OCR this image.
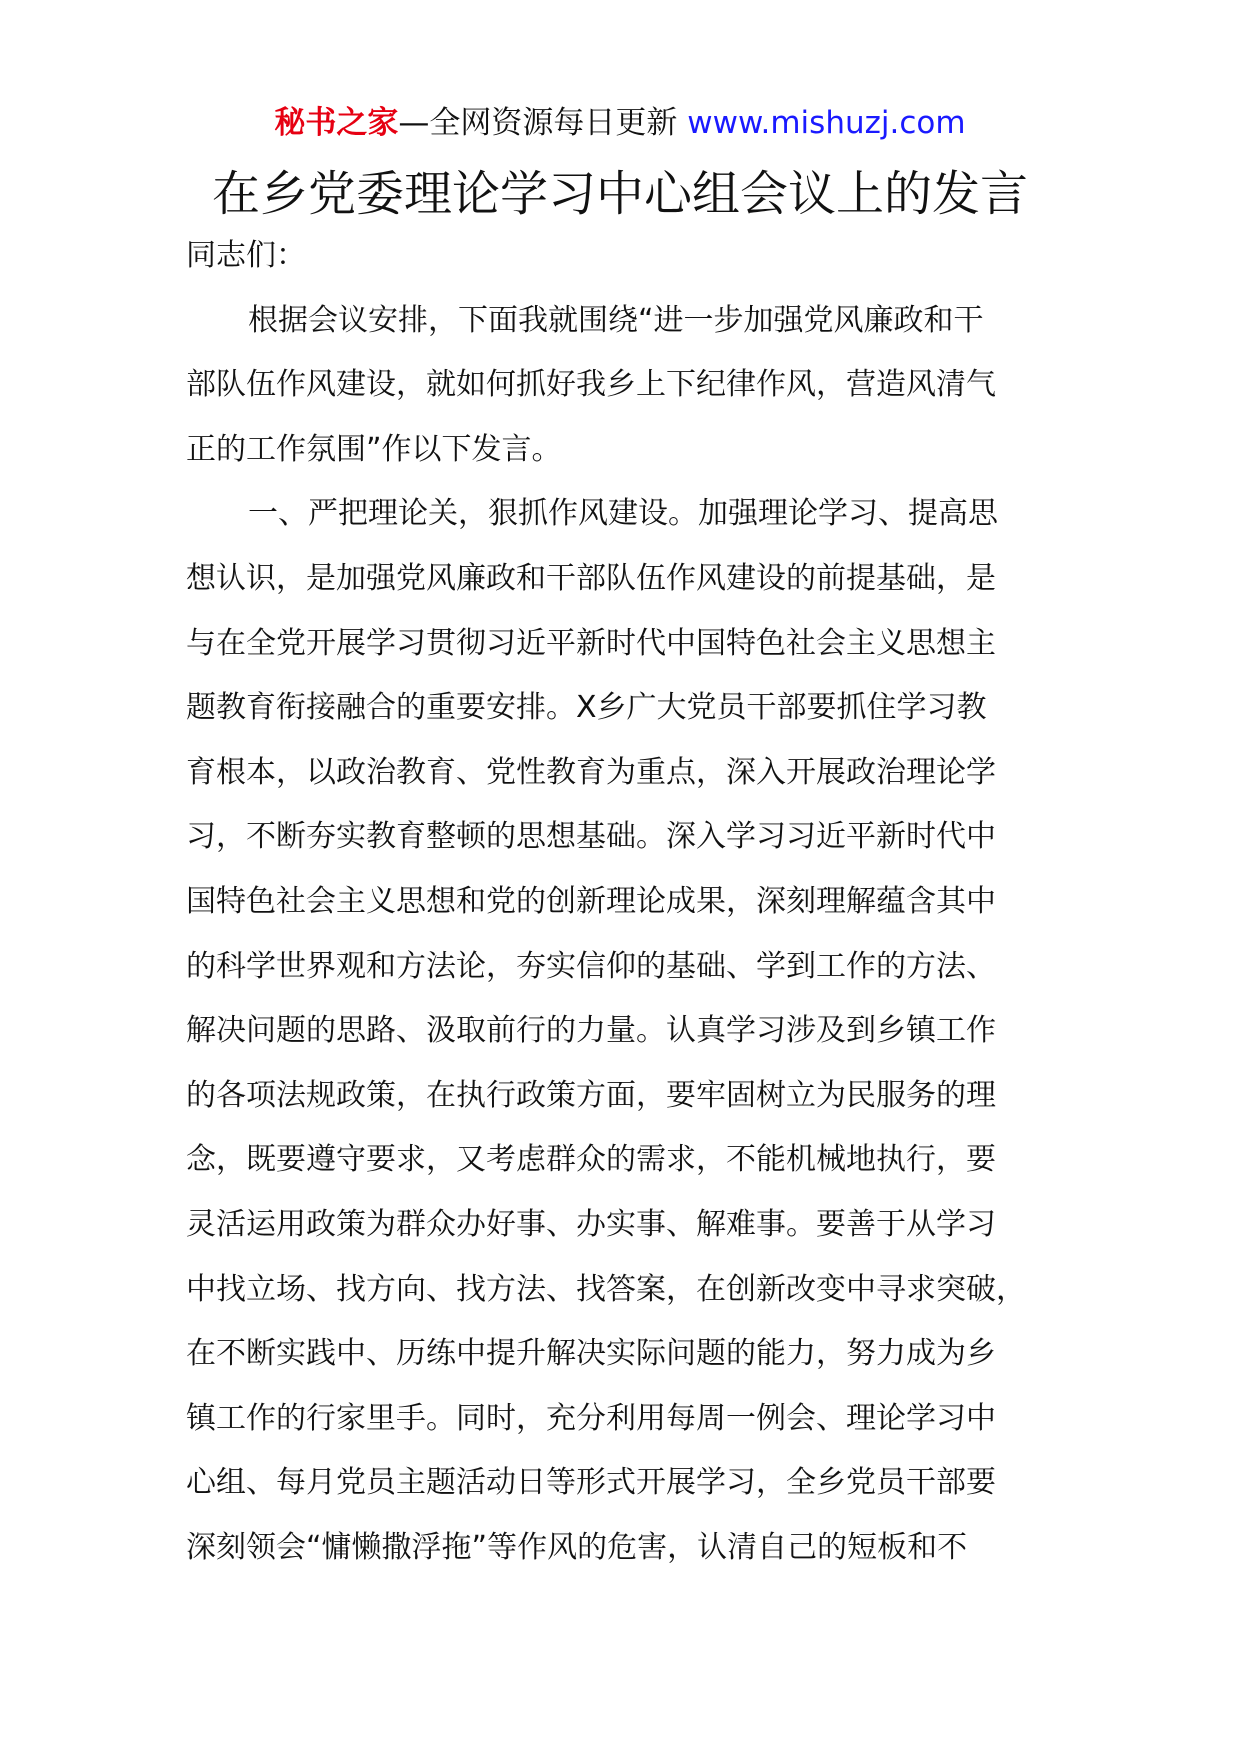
秘书之家—全网资源每日更新 www.mishuzj.com
在乡党委理论学习中心组会议上的发言
同志们：
根据会议安排，下面我就围绕“进一步加强党风廉政和干
部队伍作风建设，就如何抓好我乡上下纪律作风，营造风清气
正的工作氛围”作以下发言。
一、严把理论关，狠抓作风建设。加强理论学习、提高思
想认识，是加强党风廉政和干部队伍作风建设的前提基础，是
与在全党开展学习贯彻习近平新时代中国特色社会主义思想主
题教育衔接融合的重要安排。X乡广大党员干部要抓住学习教
育根本，以政治教育、党性教育为重点，深入开展政治理论学
习，不断夯实教育整顿的思想基础。深入学习习近平新时代中
国特色社会主义思想和党的创新理论成果，深刻理解蕴含其中
的科学世界观和方法论，夯实信仰的基础、学到工作的方法、
解决问题的思路、汲取前行的力量。认真学习涉及到乡镇工作
的各项法规政策，在执行政策方面，要牢固树立为民服务的理
念，既要遵守要求，又考虑群众的需求，不能机械地执行，要
灵活运用政策为群众办好事、办实事、解难事。要善于从学习
中找立场、找方向、找方法、找答案，在创新改变中寻求突破，
在不断实践中、历练中提升解决实际问题的能力，努力成为乡
镇工作的行家里手。同时，充分利用每周一例会、理论学习中
心组、每月党员主题活动日等形式开展学习，全乡党员干部要
深刻领会“慵懒撒浮拖”等作风的危害，认清自己的短板和不
